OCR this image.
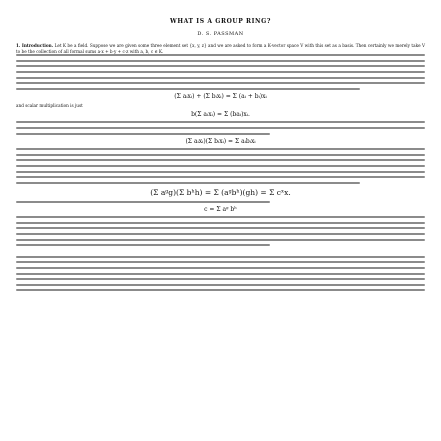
WHAT IS A GROUP RING?
D. S. PASSMAN

1. Introduction. Let K be a field. Suppose we are given some three element set {x, y, z} and we are asked to form a K-vector space V with this set as a basis. Then certainly we merely take V to be the collection of all formal sums a·x + b·y + c·z with a, b, c ∈ K.

(Σ aᵢxᵢ) + (Σ bᵢxᵢ) = Σ (aᵢ + bᵢ)xᵢ
and scalar multiplication is just
b(Σ aᵢxᵢ) = Σ (baᵢ)xᵢ.
(Σ aᵢxᵢ)(Σ bᵢxᵢ) = Σ aᵢbᵢxᵢ
(Σ aᵍg)(Σ bʰh) = Σ (aᵍbʰ)(gh) = Σ cˣx.
c = Σ aᵍ bʰ
